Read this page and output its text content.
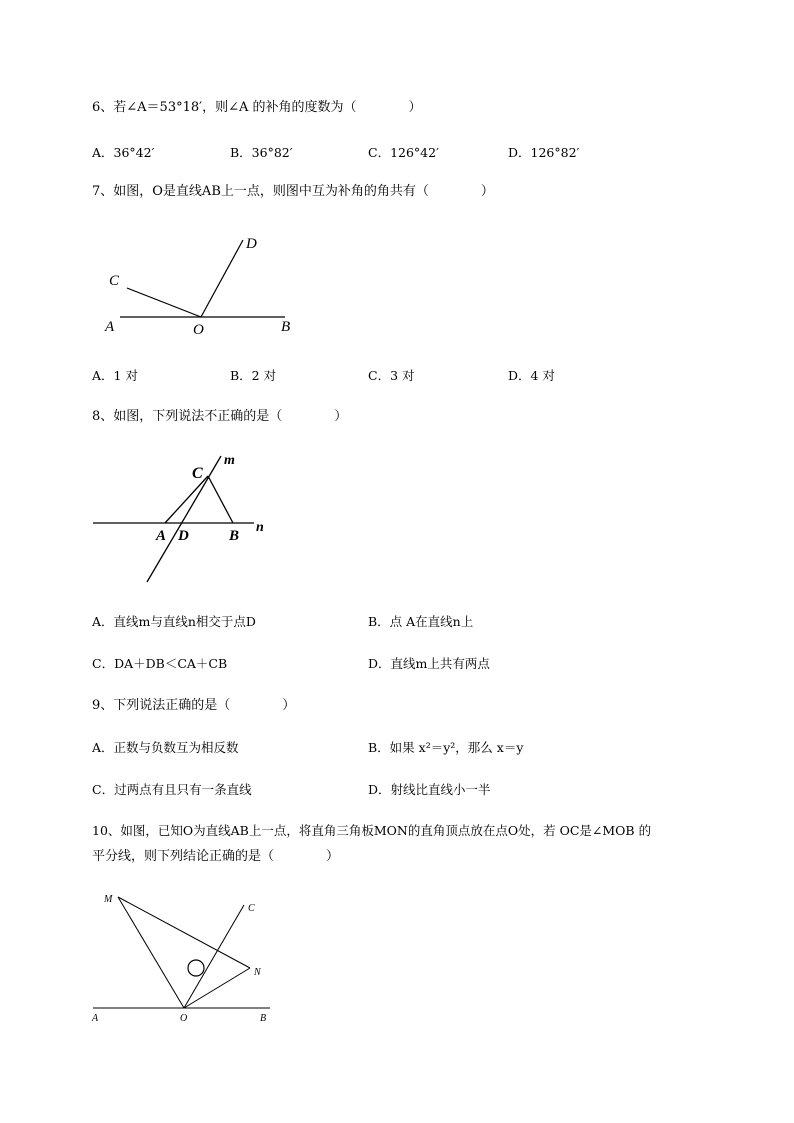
6、若∠A＝53°18′，则∠A 的补角的度数为（　　　　）
A．36°42′	B．36°82′	C．126°42′	D．126°82′
7、如图，O是直线AB上一点，则图中互为补角的角共有（　　　　）
A	B
C
D
O
A．1 对	B．2 对	C．3 对	D．4 对
8、如图，下列说法不正确的是（　　　　）
C
m
n
A D	B
A．直线m与直线n相交于点D	B．点 A在直线n上
C．DA＋DB＜CA＋CB	D．直线m上共有两点
9、下列说法正确的是（　　　　）
A．正数与负数互为相反数	B．如果 x²＝y²，那么 x＝y
C．过两点有且只有一条直线	D．射线比直线小一半
10、如图，已知O为直线AB上一点，将直角三角板MON的直角顶点放在点O处，若 OC是∠MOB 的
平分线，则下列结论正确的是（　　　　）
M
C
N
A	O	B
